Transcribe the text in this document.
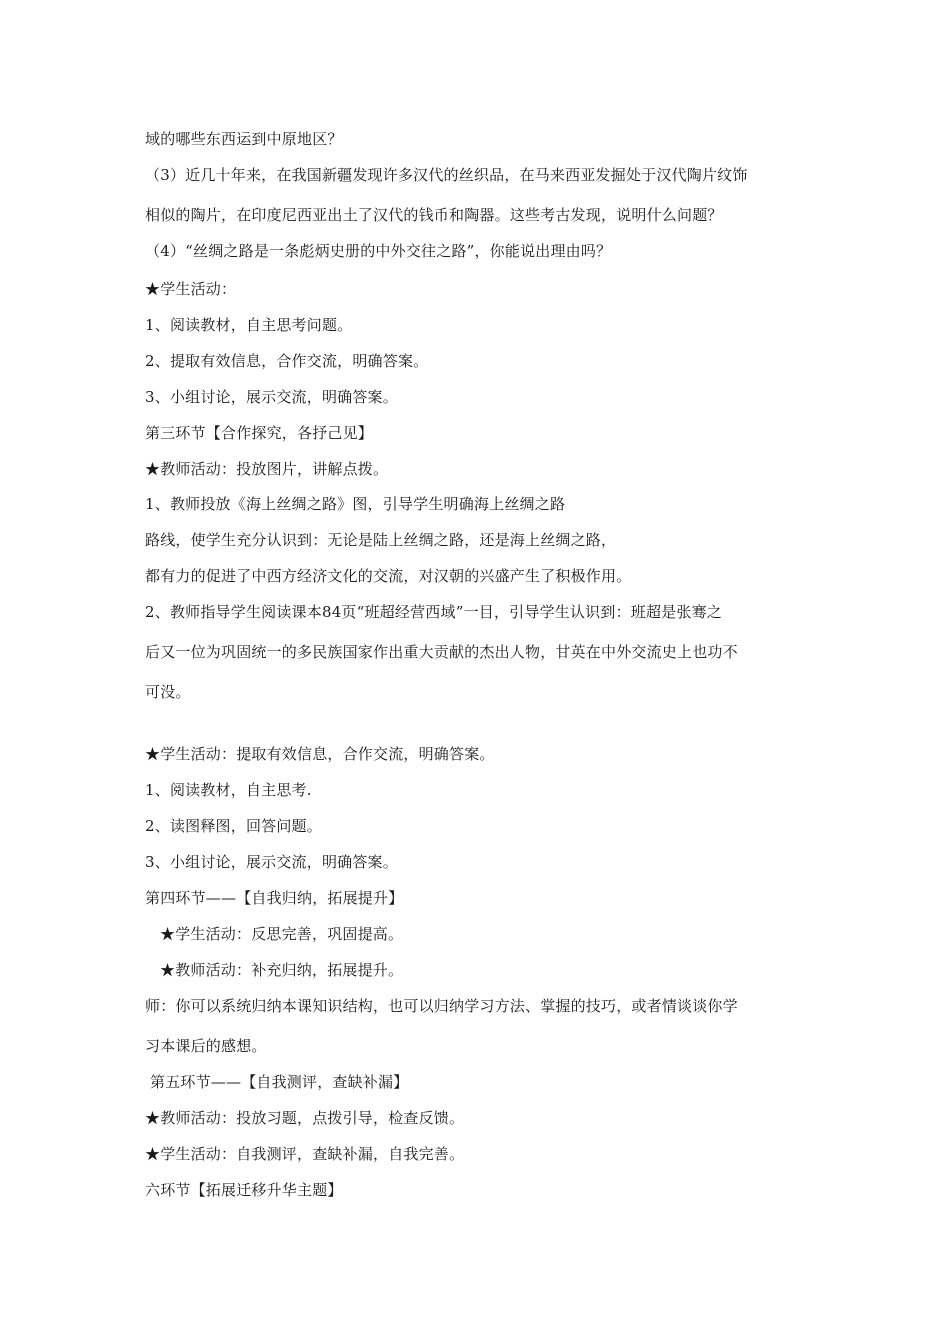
域的哪些东西运到中原地区？
（3）近几十年来，在我国新疆发现许多汉代的丝织品，在马来西亚发掘处于汉代陶片纹饰
相似的陶片，在印度尼西亚出土了汉代的钱币和陶器。这些考古发现，说明什么问题？
（4）“丝绸之路是一条彪炳史册的中外交往之路”，你能说出理由吗？
★学生活动：
1、阅读教材，自主思考问题。
2、提取有效信息，合作交流，明确答案。
3、小组讨论，展示交流，明确答案。
第三环节【合作探究，各抒己见】
★教师活动：投放图片，讲解点拨。
1、教师投放《海上丝绸之路》图，引导学生明确海上丝绸之路
路线，使学生充分认识到：无论是陆上丝绸之路，还是海上丝绸之路，
都有力的促进了中西方经济文化的交流，对汉朝的兴盛产生了积极作用。
2、教师指导学生阅读课本84页“班超经营西域”一目，引导学生认识到：班超是张骞之
后又一位为巩固统一的多民族国家作出重大贡献的杰出人物，甘英在中外交流史上也功不
可没。
★学生活动：提取有效信息，合作交流，明确答案。
1、阅读教材，自主思考.
2、读图释图，回答问题。
3、小组讨论，展示交流，明确答案。
第四环节——【自我归纳，拓展提升】
★学生活动：反思完善，巩固提高。
★教师活动：补充归纳，拓展提升。
师：你可以系统归纳本课知识结构，也可以归纳学习方法、掌握的技巧，或者情谈谈你学
习本课后的感想。
第五环节——【自我测评，查缺补漏】
★教师活动：投放习题，点拨引导，检查反馈。
★学生活动：自我测评，查缺补漏，自我完善。
六环节【拓展迁移升华主题】
